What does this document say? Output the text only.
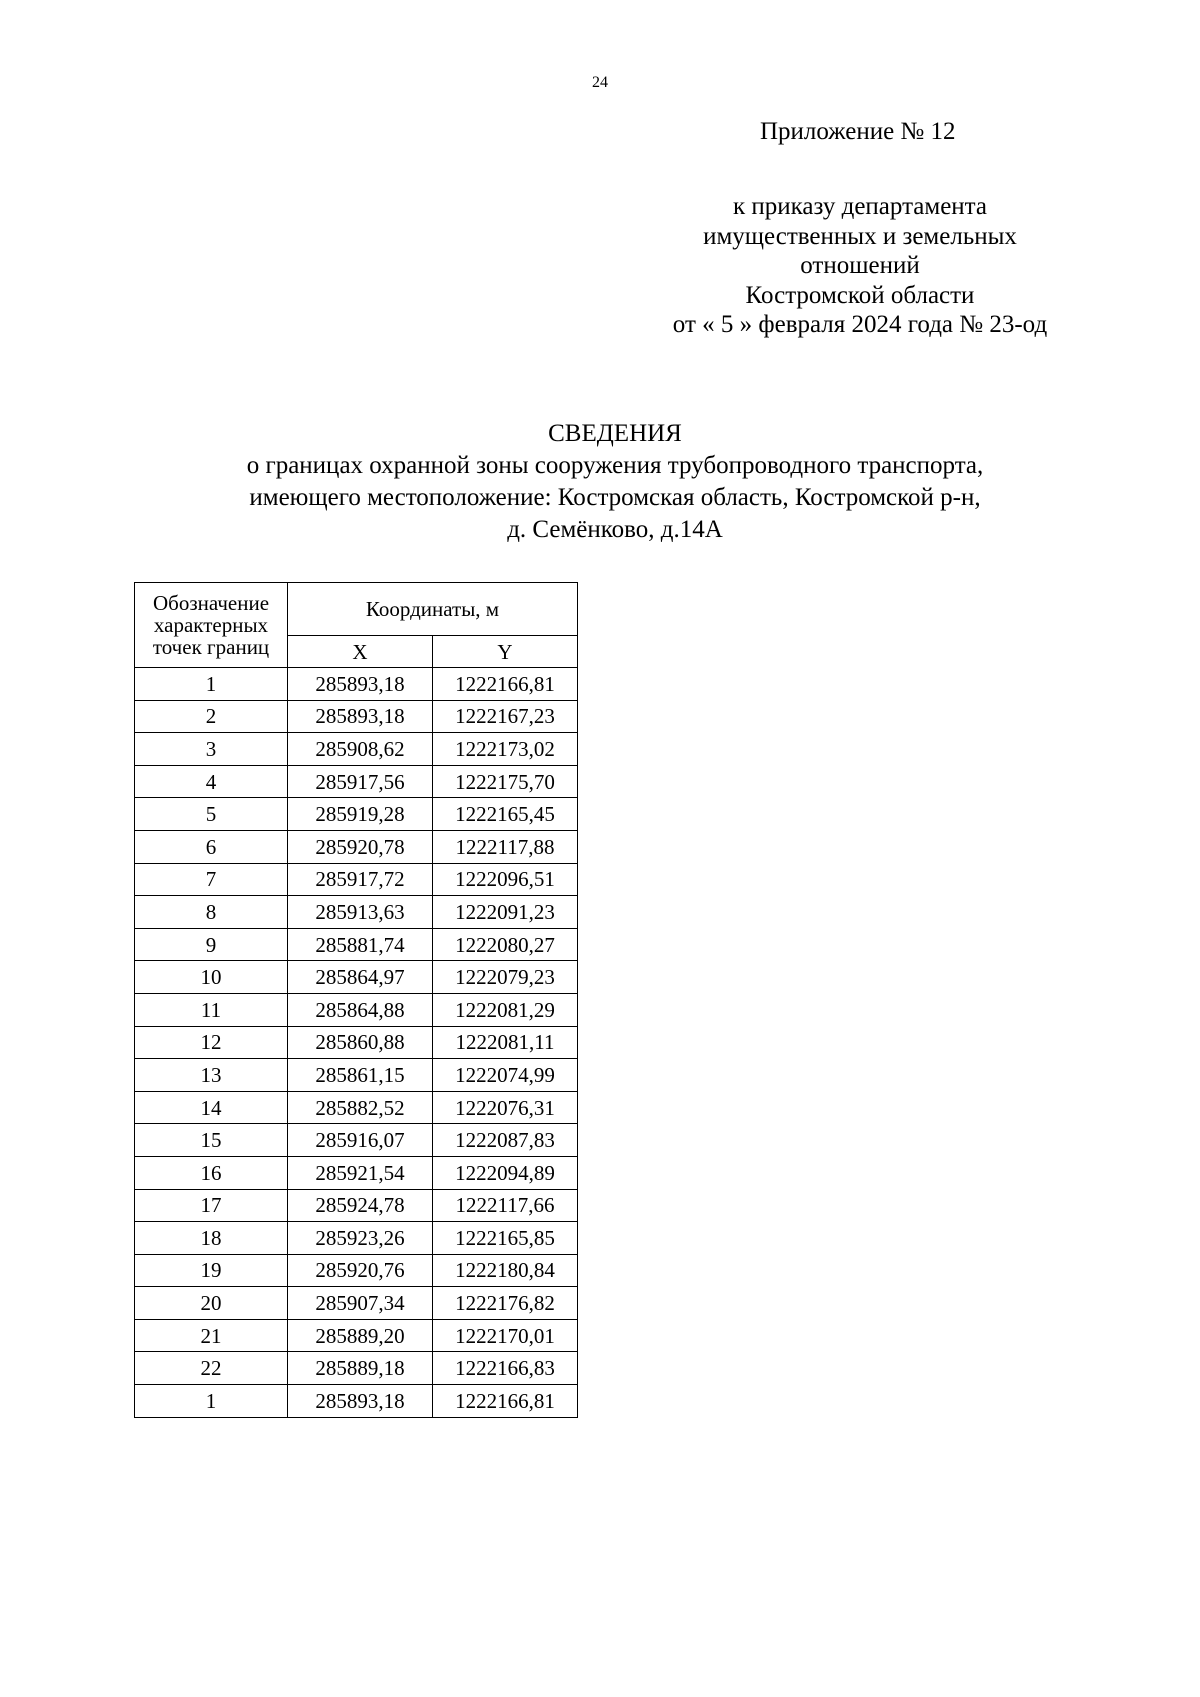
24
Приложение № 12
к приказу департамента
имущественных и земельных
отношений
Костромской области
от « 5 » февраля 2024 года № 23-од
СВЕДЕНИЯ
о границах охранной зоны сооружения трубопроводного транспорта,
имеющего местоположение: Костромская область, Костромской р-н,
д. Семёнково, д.14А
Обозначение
характерных
точек границ	Координаты, м	
	X	Y
1	285893,18	1222166,81
2	285893,18	1222167,23
3	285908,62	1222173,02
4	285917,56	1222175,70
5	285919,28	1222165,45
6	285920,78	1222117,88
7	285917,72	1222096,51
8	285913,63	1222091,23
9	285881,74	1222080,27
10	285864,97	1222079,23
11	285864,88	1222081,29
12	285860,88	1222081,11
13	285861,15	1222074,99
14	285882,52	1222076,31
15	285916,07	1222087,83
16	285921,54	1222094,89
17	285924,78	1222117,66
18	285923,26	1222165,85
19	285920,76	1222180,84
20	285907,34	1222176,82
21	285889,20	1222170,01
22	285889,18	1222166,83
1	285893,18	1222166,81
